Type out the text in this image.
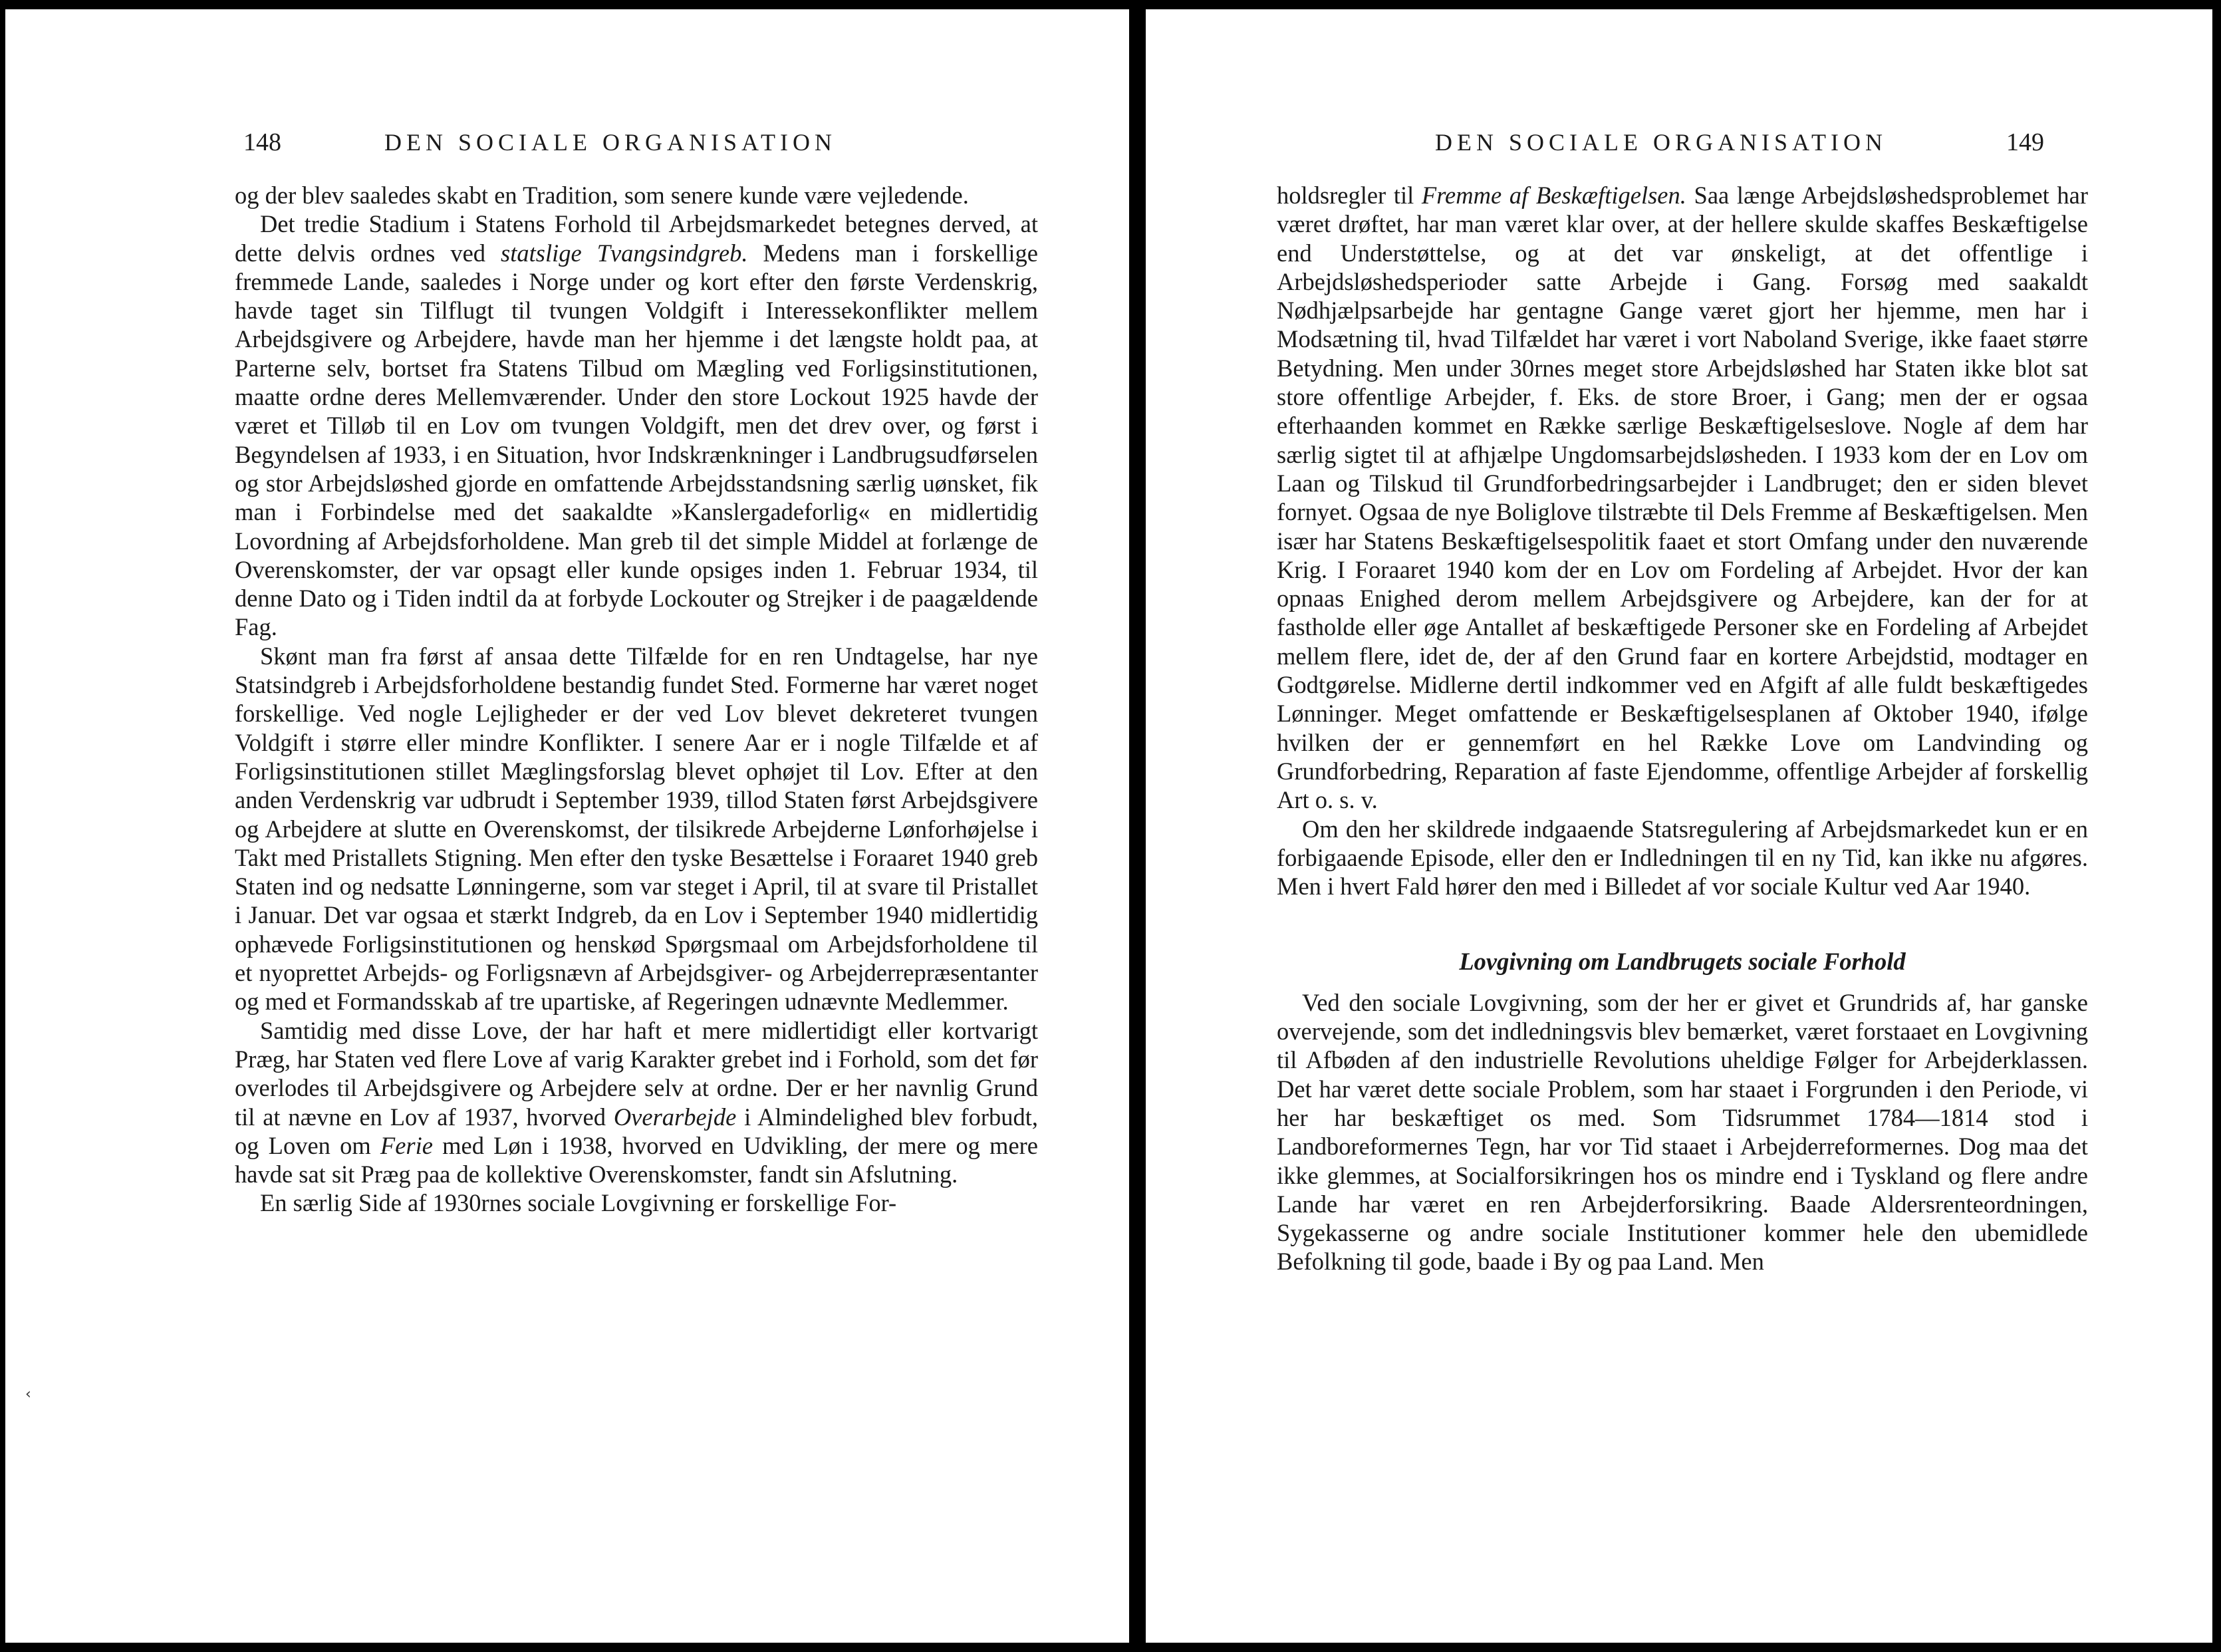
148	DEN SOCIALE ORGANISATION

og der blev saaledes skabt en Tradition, som senere kunde være vejledende.

Det tredie Stadium i Statens Forhold til Arbejdsmarkedet betegnes derved, at dette delvis ordnes ved statslige Tvangsindgreb. Medens man i forskellige fremmede Lande, saaledes i Norge under og kort efter den første Verdenskrig, havde taget sin Tilflugt til tvungen Voldgift i Interessekonflikter mellem Arbejdsgivere og Arbejdere, havde man her hjemme i det længste holdt paa, at Parterne selv, bortset fra Statens Tilbud om Mægling ved Forligsinstitutionen, maatte ordne deres Mellemværender. Under den store Lockout 1925 havde der været et Tilløb til en Lov om tvungen Voldgift, men det drev over, og først i Begyndelsen af 1933, i en Situation, hvor Indskrænkninger i Landbrugsudførselen og stor Arbejdsløshed gjorde en omfattende Arbejdsstandsning særlig uønsket, fik man i Forbindelse med det saakaldte »Kanslergadeforlig« en midlertidig Lovordning af Arbejdsforholdene. Man greb til det simple Middel at forlænge de Overenskomster, der var opsagt eller kunde opsiges inden 1. Februar 1934, til denne Dato og i Tiden indtil da at forbyde Lockouter og Strejker i de paagældende Fag.

Skønt man fra først af ansaa dette Tilfælde for en ren Undtagelse, har nye Statsindgreb i Arbejdsforholdene bestandig fundet Sted. Formerne har været noget forskellige. Ved nogle Lejligheder er der ved Lov blevet dekreteret tvungen Voldgift i større eller mindre Konflikter. I senere Aar er i nogle Tilfælde et af Forligsinstitutionen stillet Mæglingsforslag blevet ophøjet til Lov. Efter at den anden Verdenskrig var udbrudt i September 1939, tillod Staten først Arbejdsgivere og Arbejdere at slutte en Overenskomst, der tilsikrede Arbejderne Lønforhøjelse i Takt med Pristallets Stigning. Men efter den tyske Besættelse i Foraaret 1940 greb Staten ind og nedsatte Lønningerne, som var steget i April, til at svare til Pristallet i Januar. Det var ogsaa et stærkt Indgreb, da en Lov i September 1940 midlertidig ophævede Forligsinstitutionen og henskød Spørgsmaal om Arbejdsforholdene til et nyoprettet Arbejds- og Forligsnævn af Arbejdsgiver- og Arbejderrepræsentanter og med et Formandsskab af tre upartiske, af Regeringen udnævnte Medlemmer.

Samtidig med disse Love, der har haft et mere midlertidigt eller kortvarigt Præg, har Staten ved flere Love af varig Karakter grebet ind i Forhold, som det før overlodes til Arbejdsgivere og Arbejdere selv at ordne. Der er her navnlig Grund til at nævne en Lov af 1937, hvorved Overarbejde i Almindelighed blev forbudt, og Loven om Ferie med Løn i 1938, hvorved en Udvikling, der mere og mere havde sat sit Præg paa de kollektive Overenskomster, fandt sin Afslutning.

En særlig Side af 1930rnes sociale Lovgivning er forskellige For-

‹
DEN SOCIALE ORGANISATION	149

holdsregler til Fremme af Beskæftigelsen. Saa længe Arbejdsløshedsproblemet har været drøftet, har man været klar over, at der hellere skulde skaffes Beskæftigelse end Understøttelse, og at det var ønskeligt, at det offentlige i Arbejdsløshedsperioder satte Arbejde i Gang. Forsøg med saakaldt Nødhjælpsarbejde har gentagne Gange været gjort her hjemme, men har i Modsætning til, hvad Tilfældet har været i vort Naboland Sverige, ikke faaet større Betydning. Men under 30rnes meget store Arbejdsløshed har Staten ikke blot sat store offentlige Arbejder, f. Eks. de store Broer, i Gang; men der er ogsaa efterhaanden kommet en Række særlige Beskæftigelseslove. Nogle af dem har særlig sigtet til at afhjælpe Ungdomsarbejdsløsheden. I 1933 kom der en Lov om Laan og Tilskud til Grundforbedringsarbejder i Landbruget; den er siden blevet fornyet. Ogsaa de nye Boliglove tilstræbte til Dels Fremme af Beskæftigelsen. Men især har Statens Beskæftigelsespolitik faaet et stort Omfang under den nuværende Krig. I Foraaret 1940 kom der en Lov om Fordeling af Arbejdet. Hvor der kan opnaas Enighed derom mellem Arbejdsgivere og Arbejdere, kan der for at fastholde eller øge Antallet af beskæftigede Personer ske en Fordeling af Arbejdet mellem flere, idet de, der af den Grund faar en kortere Arbejdstid, modtager en Godtgørelse. Midlerne dertil indkommer ved en Afgift af alle fuldt beskæftigedes Lønninger. Meget omfattende er Beskæftigelsesplanen af Oktober 1940, ifølge hvilken der er gennemført en hel Række Love om Landvinding og Grundforbedring, Reparation af faste Ejendomme, offentlige Arbejder af forskellig Art o. s. v.

Om den her skildrede indgaaende Statsregulering af Arbejdsmarkedet kun er en forbigaaende Episode, eller den er Indledningen til en ny Tid, kan ikke nu afgøres. Men i hvert Fald hører den med i Billedet af vor sociale Kultur ved Aar 1940.

Lovgivning om Landbrugets sociale Forhold

Ved den sociale Lovgivning, som der her er givet et Grundrids af, har ganske overvejende, som det indledningsvis blev bemærket, været forstaaet en Lovgivning til Afbøden af den industrielle Revolutions uheldige Følger for Arbejderklassen. Det har været dette sociale Problem, som har staaet i Forgrunden i den Periode, vi her har beskæftiget os med. Som Tidsrummet 1784—1814 stod i Landboreformernes Tegn, har vor Tid staaet i Arbejderreformernes. Dog maa det ikke glemmes, at Socialforsikringen hos os mindre end i Tyskland og flere andre Lande har været en ren Arbejderforsikring. Baade Aldersrenteordningen, Sygekasserne og andre sociale Institutioner kommer hele den ubemidlede Befolkning til gode, baade i By og paa Land. Men
